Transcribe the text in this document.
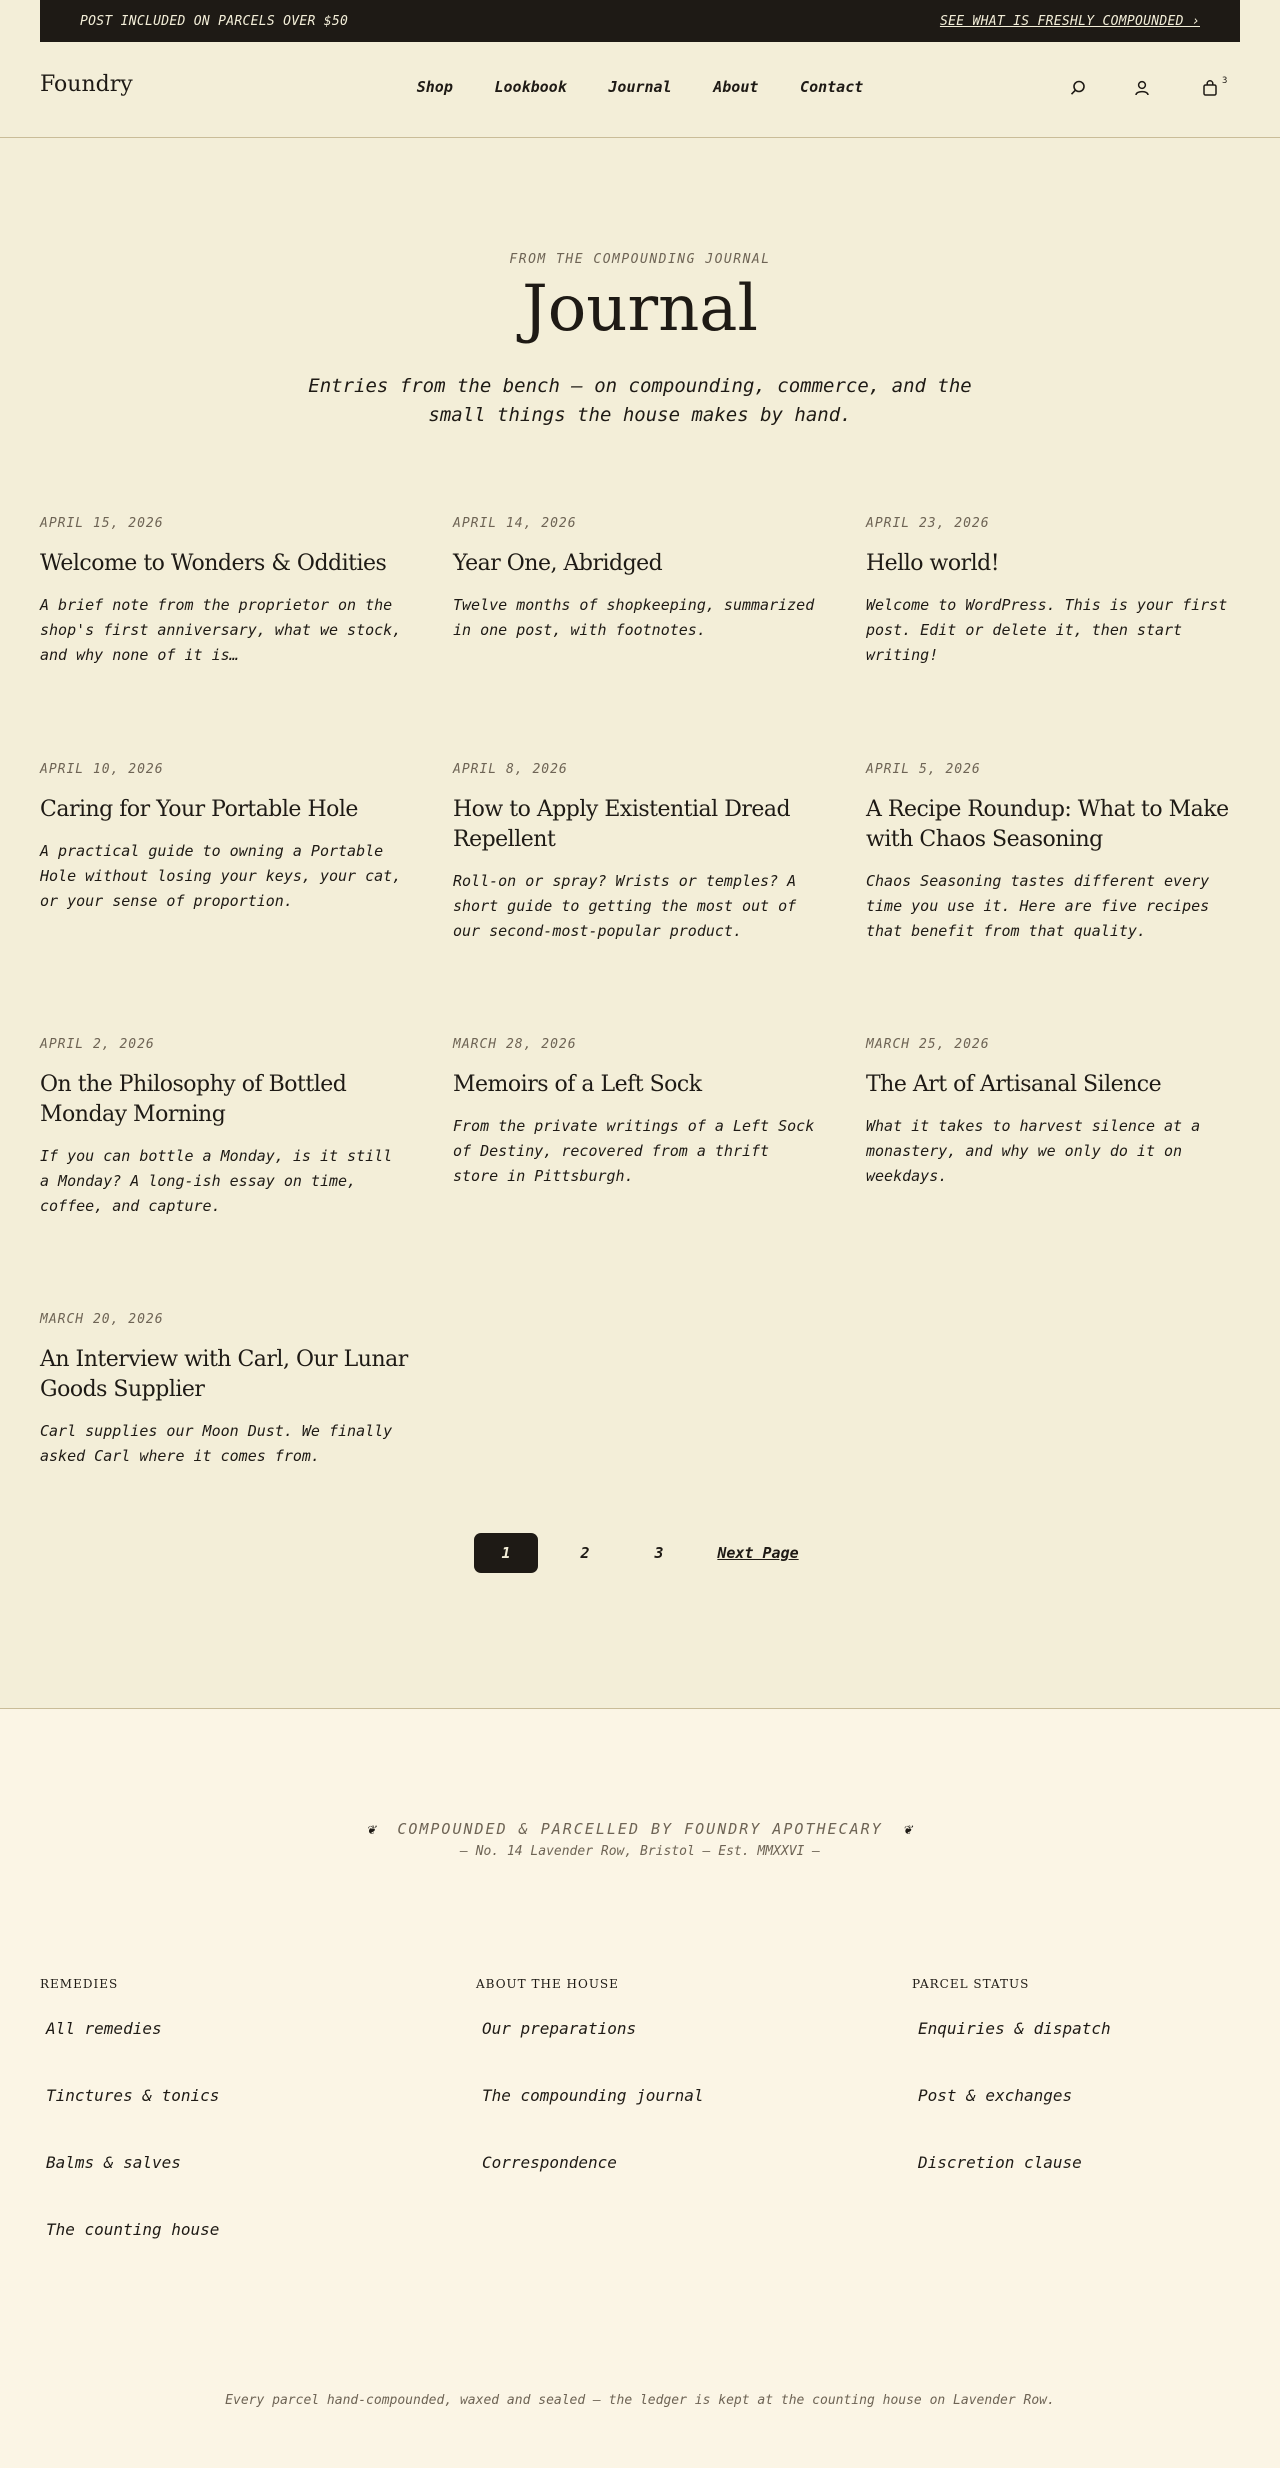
POST INCLUDED ON PARCELS OVER $50	SEE WHAT IS FRESHLY COMPOUNDED ›
Foundry	Shop	Lookbook	Journal	About	Contact	3
FROM THE COMPOUNDING JOURNAL
Journal

Entries from the bench — on compounding, commerce, and the small things the house makes by hand.

APRIL 15, 2026
Welcome to Wonders & Oddities
A brief note from the proprietor on the shop's first anniversary, what we stock, and why none of it is…
APRIL 14, 2026
Year One, Abridged
Twelve months of shopkeeping, summarized in one post, with footnotes.
APRIL 23, 2026
Hello world!
Welcome to WordPress. This is your first post. Edit or delete it, then start writing!
APRIL 10, 2026
Caring for Your Portable Hole
A practical guide to owning a Portable Hole without losing your keys, your cat, or your sense of proportion.
APRIL 8, 2026
How to Apply Existential Dread Repellent
Roll-on or spray? Wrists or temples? A short guide to getting the most out of our second-most-popular product.
APRIL 5, 2026
A Recipe Roundup: What to Make with Chaos Seasoning
Chaos Seasoning tastes different every time you use it. Here are five recipes that benefit from that quality.
APRIL 2, 2026
On the Philosophy of Bottled Monday Morning
If you can bottle a Monday, is it still a Monday? A long-ish essay on time, coffee, and capture.
MARCH 28, 2026
Memoirs of a Left Sock
From the private writings of a Left Sock of Destiny, recovered from a thrift store in Pittsburgh.
MARCH 25, 2026
The Art of Artisanal Silence
What it takes to harvest silence at a monastery, and why we only do it on weekdays.
MARCH 20, 2026
An Interview with Carl, Our Lunar Goods Supplier
Carl supplies our Moon Dust. We finally asked Carl where it comes from.
1	2	3	Next Page
❦ COMPOUNDED & PARCELLED BY FOUNDRY APOTHECARY ❦
— No. 14 Lavender Row, Bristol — Est. MMXXVI —
REMEDIES
All remedies
Tinctures & tonics
Balms & salves
The counting house
ABOUT THE HOUSE
Our preparations
The compounding journal
Correspondence
PARCEL STATUS
Enquiries & dispatch
Post & exchanges
Discretion clause
Every parcel hand-compounded, waxed and sealed — the ledger is kept at the counting house on Lavender Row.
